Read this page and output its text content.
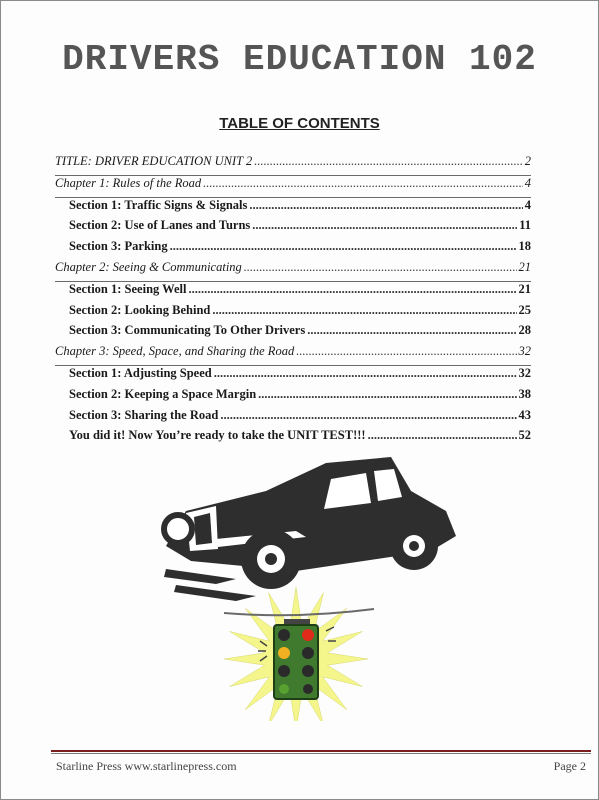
DRIVERS EDUCATION 102
TABLE OF CONTENTS
TITLE: DRIVER EDUCATION UNIT 2 .....	2
Chapter 1: Rules of the Road .....	4
Section 1: Traffic Signs & Signals .....	4
Section 2: Use of Lanes and Turns .....	11
Section 3: Parking .....	18
Chapter 2: Seeing & Communicating .....	21
Section 1: Seeing Well .....	21
Section 2: Looking Behind .....	25
Section 3: Communicating To Other Drivers .....	28
Chapter 3: Speed, Space, and Sharing the Road .....	32
Section 1: Adjusting Speed .....	32
Section 2: Keeping a Space Margin .....	38
Section 3: Sharing the Road .....	43
You did it! Now You’re ready to take the UNIT TEST!!! .....	52
Starline Press www.starlinepress.com	Page 2
